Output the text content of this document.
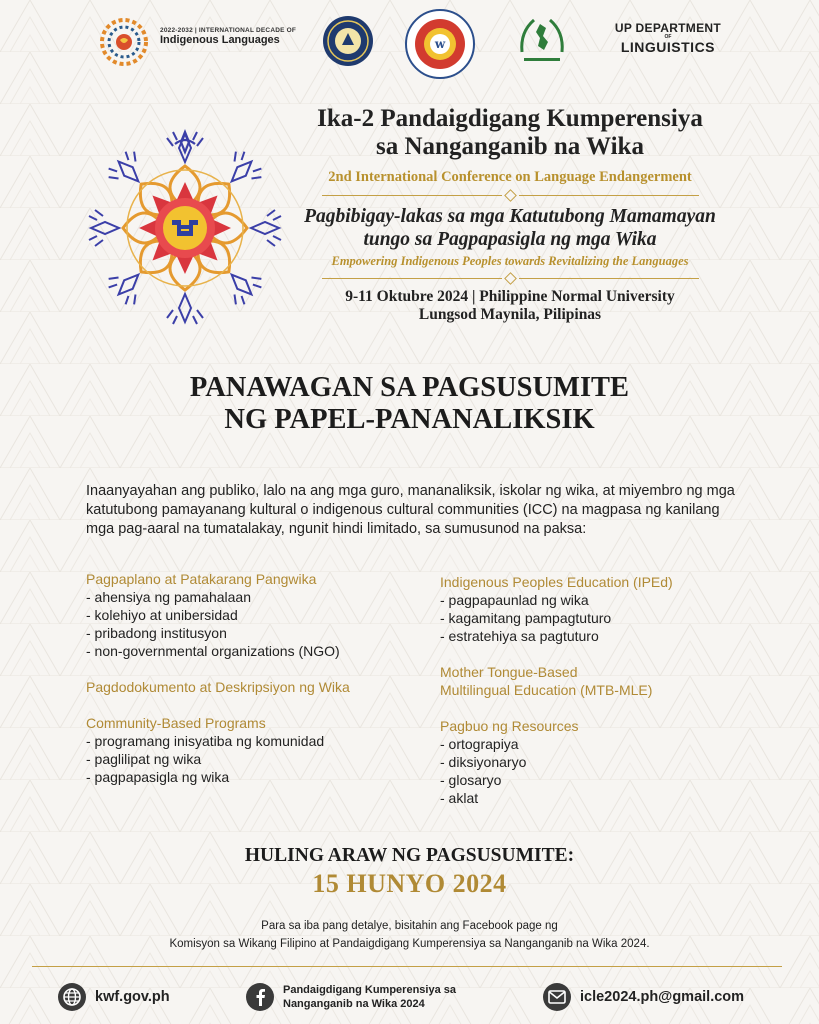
2022-2032 | INTERNATIONAL DECADE OF
Indigenous Languages	w
UP DEPARTMENT
OF
LINGUISTICS
Ika-2 Pandaigdigang Kumperensiya
sa Nanganganib na Wika
2nd International Conference on Language Endangerment
Pagbibigay-lakas sa mga Katutubong Mamamayan
tungo sa Pagpapasigla ng mga Wika
Empowering Indigenous Peoples towards Revitalizing the Languages
9-11 Oktubre 2024 | Philippine Normal University
Lungsod Maynila, Pilipinas
PANAWAGAN SA PAGSUSUMITE
NG PAPEL-PANANALIKSIK
Inaanyayahan ang publiko, lalo na ang mga guro, mananaliksik, iskolar ng wika, at miyembro ng mga katutubong pamayanang kultural o indigenous cultural communities (ICC) na magpasa ng kanilang mga pag-aaral na tumatalakay, ngunit hindi limitado, sa sumusunod na paksa:
Pagpaplano at Patakarang Pangwika
- ahensiya ng pamahalaan
- kolehiyo at unibersidad
- pribadong institusyon
- non-governmental organizations (NGO)
Pagdodokumento at Deskripsiyon ng Wika
Community-Based Programs
- programang inisyatiba ng komunidad
- paglilipat ng wika
- pagpapasigla ng wika
Indigenous Peoples Education (IPEd)
- pagpapaunlad ng wika
- kagamitang pampagtuturo
- estratehiya sa pagtuturo
Mother Tongue-Based
Multilingual Education (MTB-MLE)
Pagbuo ng Resources
- ortograpiya
- diksiyonaryo
- glosaryo
- aklat
HULING ARAW NG PAGSUSUMITE:
15 HUNYO 2024
Para sa iba pang detalye, bisitahin ang Facebook page ng
Komisyon sa Wikang Filipino at Pandaigdigang Kumperensiya sa Nanganganib na Wika 2024.
kwf.gov.ph	Pandaigdigang Kumperensiya sa
Nanganganib na Wika 2024	icle2024.ph@gmail.com
